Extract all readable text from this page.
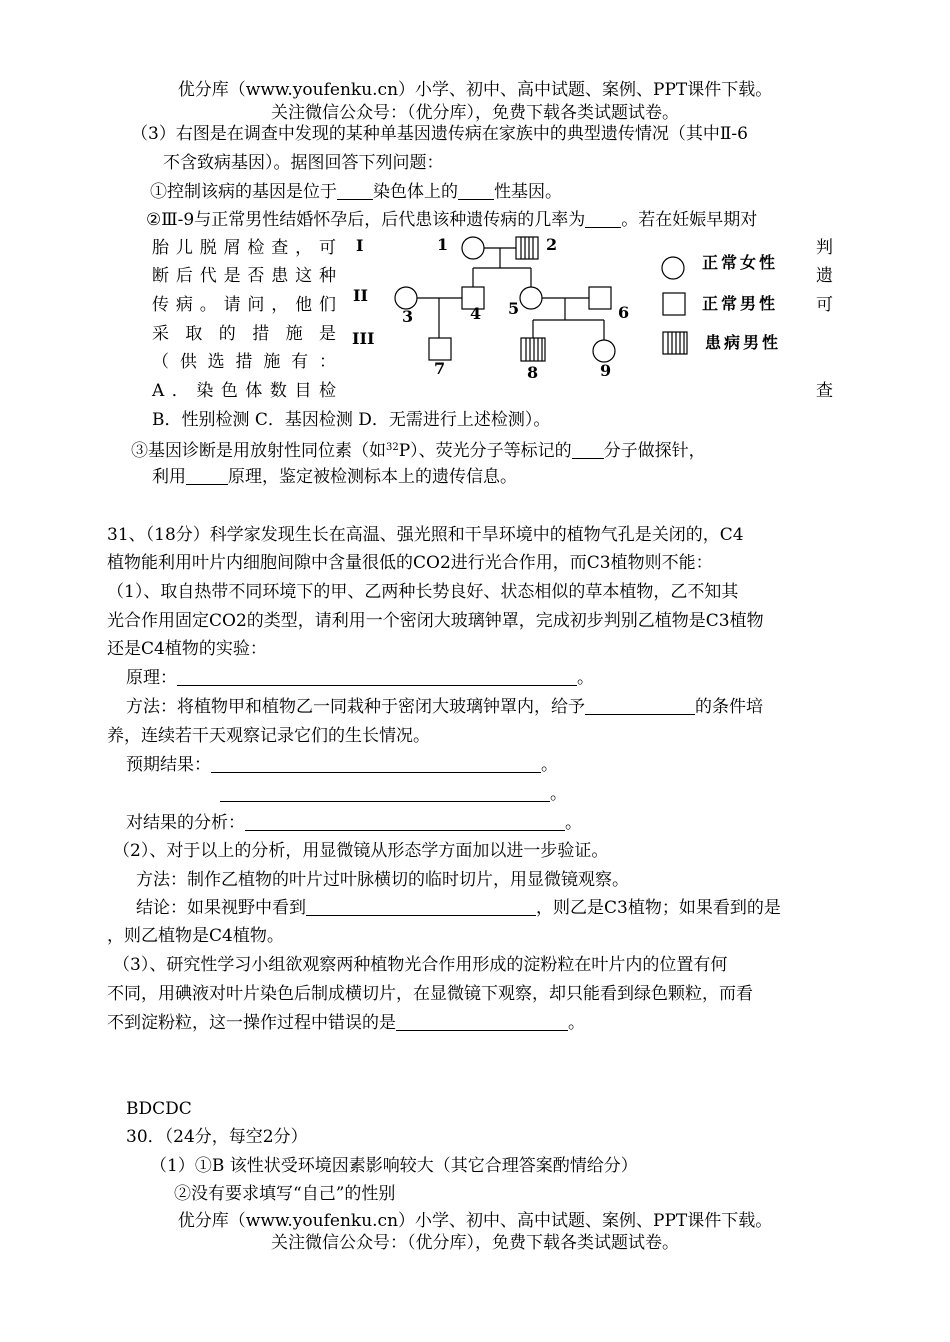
优分库（www.youfenku.cn）小学、初中、高中试题、案例、PPT课件下载。
关注微信公众号：（优分库），免费下载各类试题试卷。
（3）右图是在调查中发现的某种单基因遗传病在家族中的典型遗传情况（其中Ⅱ-6
不含致病基因）。据图回答下列问题：
①控制该病的基因是位于 染色体上的 性基因。
②Ⅲ-9与正常男性结婚怀孕后，后代患该种遗传病的几率为 。若在妊娠早期对
胎儿脱屑检查，可
断后代是否患这种
传病。请问，他们
采取的措施是
（供选措施有：
A．染色体数目检
判
遗
可
查
I
II
III
1	2
3	4 5	6
7	8	9
正常女性
正常男性
患病男性
B．性别检测 C．基因检测 D．无需进行上述检测）。
③基因诊断是用放射性同位素（如$^{32}$P）、荧光分子等标记的 分子做探针，
利用 原理，鉴定被检测标本上的遗传信息。
31、（18分）科学家发现生长在高温、强光照和干旱环境中的植物气孔是关闭的，C4
植物能利用叶片内细胞间隙中含量很低的CO2进行光合作用，而C3植物则不能：
（1）、取自热带不同环境下的甲、乙两种长势良好、状态相似的草本植物，乙不知其
光合作用固定CO2的类型，请利用一个密闭大玻璃钟罩，完成初步判别乙植物是C3植物
还是C4植物的实验：
原理：	。
方法：将植物甲和植物乙一同栽种于密闭大玻璃钟罩内，给予	的条件培
养，连续若干天观察记录它们的生长情况。
预期结果：	。
。
对结果的分析：	。
（2）、对于以上的分析，用显微镜从形态学方面加以进一步验证。
方法：制作乙植物的叶片过叶脉横切的临时切片，用显微镜观察。
结论：如果视野中看到	，则乙是C3植物；如果看到的是
，则乙植物是C4植物。
（3）、研究性学习小组欲观察两种植物光合作用形成的淀粉粒在叶片内的位置有何
不同，用碘液对叶片染色后制成横切片，在显微镜下观察，却只能看到绿色颗粒，而看
不到淀粉粒，这一操作过程中错误的是	。
BDCDC
30．（24分，每空2分）
（1）①B 该性状受环境因素影响较大（其它合理答案酌情给分）
②没有要求填写“自己”的性别
优分库（www.youfenku.cn）小学、初中、高中试题、案例、PPT课件下载。
关注微信公众号：（优分库），免费下载各类试题试卷。
